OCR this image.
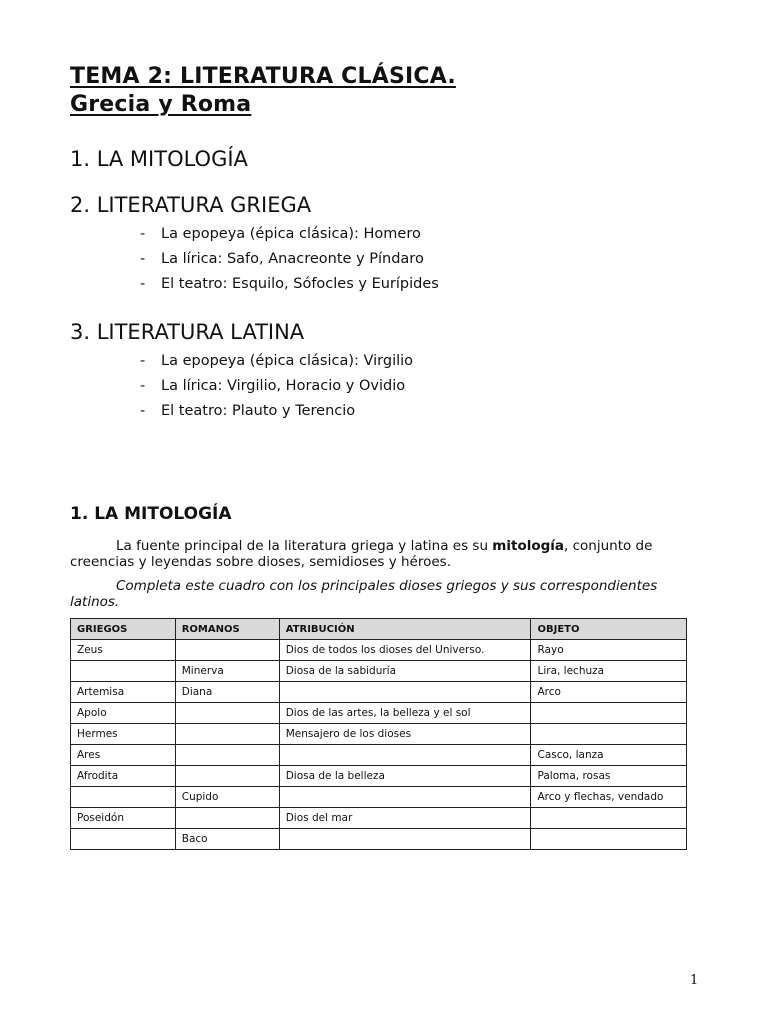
TEMA 2: LITERATURA CLÁSICA.
Grecia y Roma
1. LA MITOLOGÍA
2. LITERATURA GRIEGA
- La epopeya (épica clásica): Homero
- La lírica: Safo, Anacreonte y Píndaro
- El teatro: Esquilo, Sófocles y Eurípides
3. LITERATURA LATINA
- La epopeya (épica clásica): Virgilio
- La lírica: Virgilio, Horacio y Ovidio
- El teatro: Plauto y Terencio
1. LA MITOLOGÍA

La fuente principal de la literatura griega y latina es su mitología, conjunto de creencias y leyendas sobre dioses, semidioses y héroes.

Completa este cuadro con los principales dioses griegos y sus correspondientes latinos.

GRIEGOS	ROMANOS	ATRIBUCIÓN	OBJETO
Zeus		Dios de todos los dioses del Universo.	Rayo
	Minerva	Diosa de la sabiduría	Lira, lechuza
Artemisa	Diana		Arco
Apolo		Dios de las artes, la belleza y el sol	
Hermes		Mensajero de los dioses	
Ares			Casco, lanza
Afrodita		Diosa de la belleza	Paloma, rosas
	Cupido		Arco y flechas, vendado
Poseidón		Dios del mar	
	Baco		
1
